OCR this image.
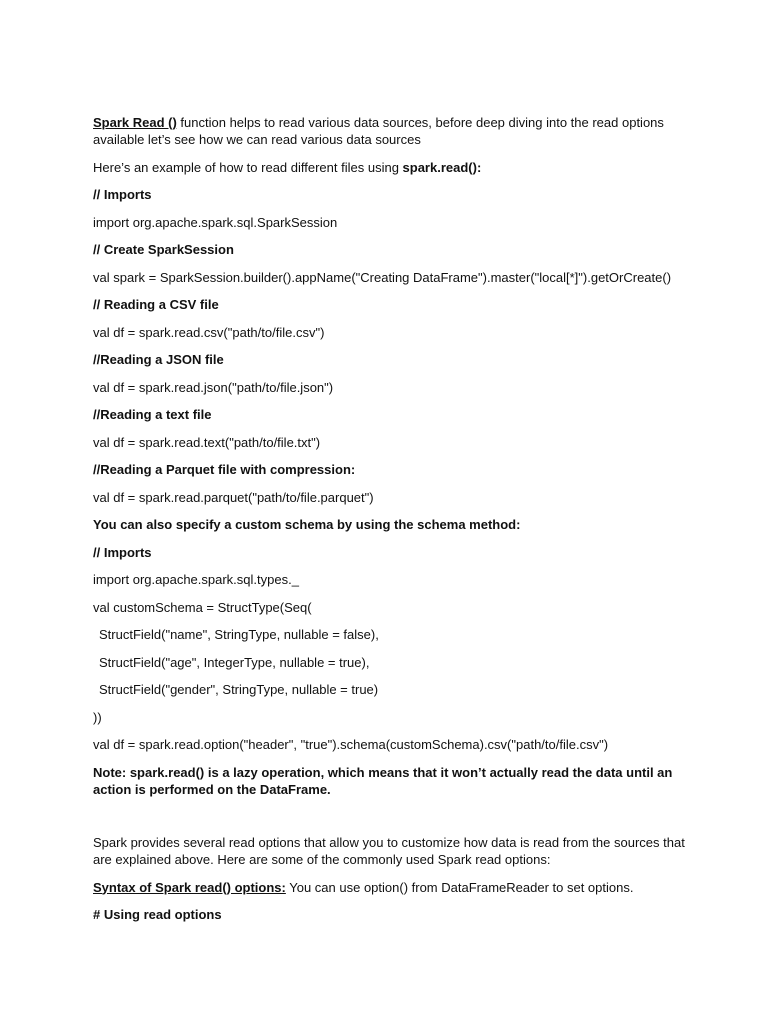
Spark Read () function helps to read various data sources, before deep diving into the read options available let’s see how we can read various data sources

Here’s an example of how to read different files using spark.read():

// Imports

import org.apache.spark.sql.SparkSession

// Create SparkSession

val spark = SparkSession.builder().appName("Creating DataFrame").master("local[*]").getOrCreate()

// Reading a CSV file

val df = spark.read.csv("path/to/file.csv")

//Reading a JSON file

val df = spark.read.json("path/to/file.json")

//Reading a text file

val df = spark.read.text("path/to/file.txt")

//Reading a Parquet file with compression:

val df = spark.read.parquet("path/to/file.parquet")

You can also specify a custom schema by using the schema method:

// Imports

import org.apache.spark.sql.types._

val customSchema = StructType(Seq(

StructField("name", StringType, nullable = false),

StructField("age", IntegerType, nullable = true),

StructField("gender", StringType, nullable = true)

))

val df = spark.read.option("header", "true").schema(customSchema).csv("path/to/file.csv")

Note: spark.read() is a lazy operation, which means that it won’t actually read the data until an action is performed on the DataFrame.

Spark provides several read options that allow you to customize how data is read from the sources that are explained above. Here are some of the commonly used Spark read options:

Syntax of Spark read() options: You can use option() from DataFrameReader to set options.

# Using read options
